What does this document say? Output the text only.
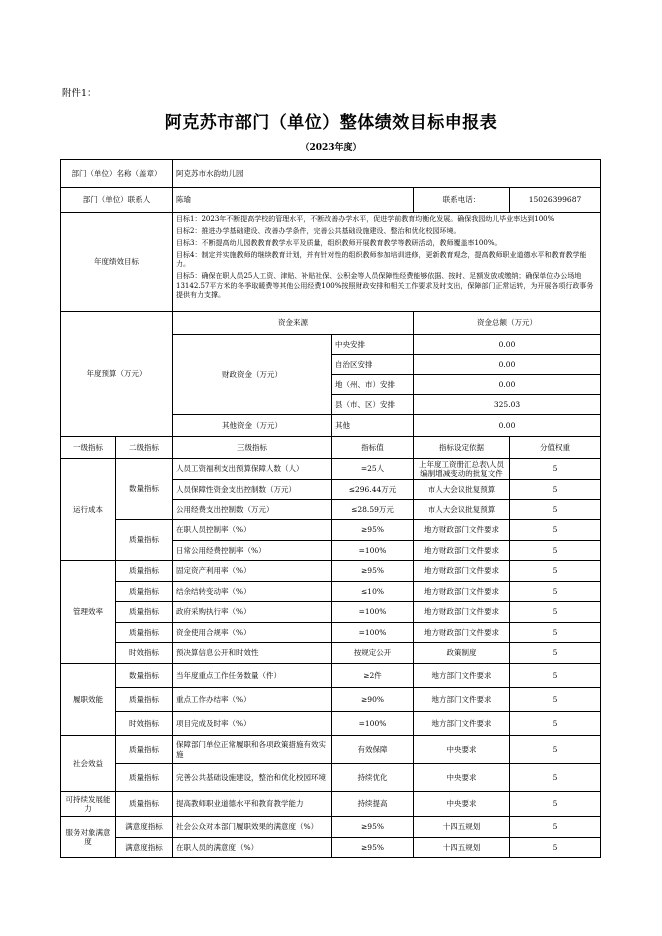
附件1：
阿克苏市部门（单位）整体绩效目标申报表
（2023年度）
部门（单位）名称（盖章）		阿克苏市水韵幼儿园			
部门（单位）联系人		陈瑜		联系电话：	15026399687
年度绩效目标		目标1：2023年不断提高学校的管理水平，不断改善办学水平，促进学前教育均衡化发展。确保我园幼儿毕业率达到100%

目标2：推进办学基础建设、改善办学条件，完善公共基础设施建设、整治和优化校园环境。

目标3：不断提高幼儿园教教育教学水平及质量，组织教师开展教育教学等教研活动，教师覆盖率100%。

目标4：制定并实施教师的继续教育计划，并有针对性的组织教师参加培训进修，更新教育观念，提高教师职业道德水平和教育教学能力。

目标5：确保在职人员25人工资、津贴、补贴社保、公积金等人员保障性经费能够依据、按时、足额发放或缴纳；确保单位办公场地13142.57平方米的冬季取暖费等其他公用经费100%按照财政安排和相关工作要求及时支出，保障部门正常运转，为开展各项行政事务提供有力支撑。			

年度预算（万元）		资金来源		资金总额（万元）	
		财政资金（万元）	中央安排	0.00	
			自治区安排	0.00	
			地（州、市）安排	0.00	
			县（市、区）安排	325.03	
		其他资金（万元）	其他	0.00	

一级指标	二级指标	三级指标	指标值	指标设定依据	分值权重
运行成本	数量指标	人员工资福利支出预算保障人数（人）	=25人	上年度工资册汇总表\人员编制增减变动的批复文件	5
		人员保障性资金支出控制数（万元）	≤296.44万元	市人大会议批复预算	5
		公用经费支出控制数（万元）	≤28.59万元	市人大会议批复预算	5
	质量指标	在职人员控制率（%）	≥95%	地方财政部门文件要求	5
		日常公用经费控制率（%）	=100%	地方财政部门文件要求	5
管理效率	质量指标	固定资产利用率（%）	≥95%	地方财政部门文件要求	5
	质量指标	结余结转变动率（%）	≤10%	地方财政部门文件要求	5
	质量指标	政府采购执行率（%）	=100%	地方财政部门文件要求	5
	质量指标	资金使用合规率（%）	=100%	地方财政部门文件要求	5
	时效指标	预决算信息公开和时效性	按规定公开	政策制度	5
履职效能	数量指标	当年度重点工作任务数量（件）	≥2件	地方部门文件要求	5
	质量指标	重点工作办结率（%）	≥90%	地方部门文件要求	5
	时效指标	项目完成及时率（%）	=100%	地方部门文件要求	5
社会效益	质量指标	保障部门单位正常履职和各项政策措施有效实施	有效保障	中央要求	5
	质量指标	完善公共基础设施建设，整治和优化校园环境	持续优化	中央要求	5
可持续发展能力	质量指标	提高教师职业道德水平和教育教学能力	持续提高	中央要求	5
服务对象满意度	满意度指标	社会公众对本部门履职效果的满意度（%）	≥95%	十四五规划	5
	满意度指标	在职人员的满意度（%）	≥95%	十四五规划	5
